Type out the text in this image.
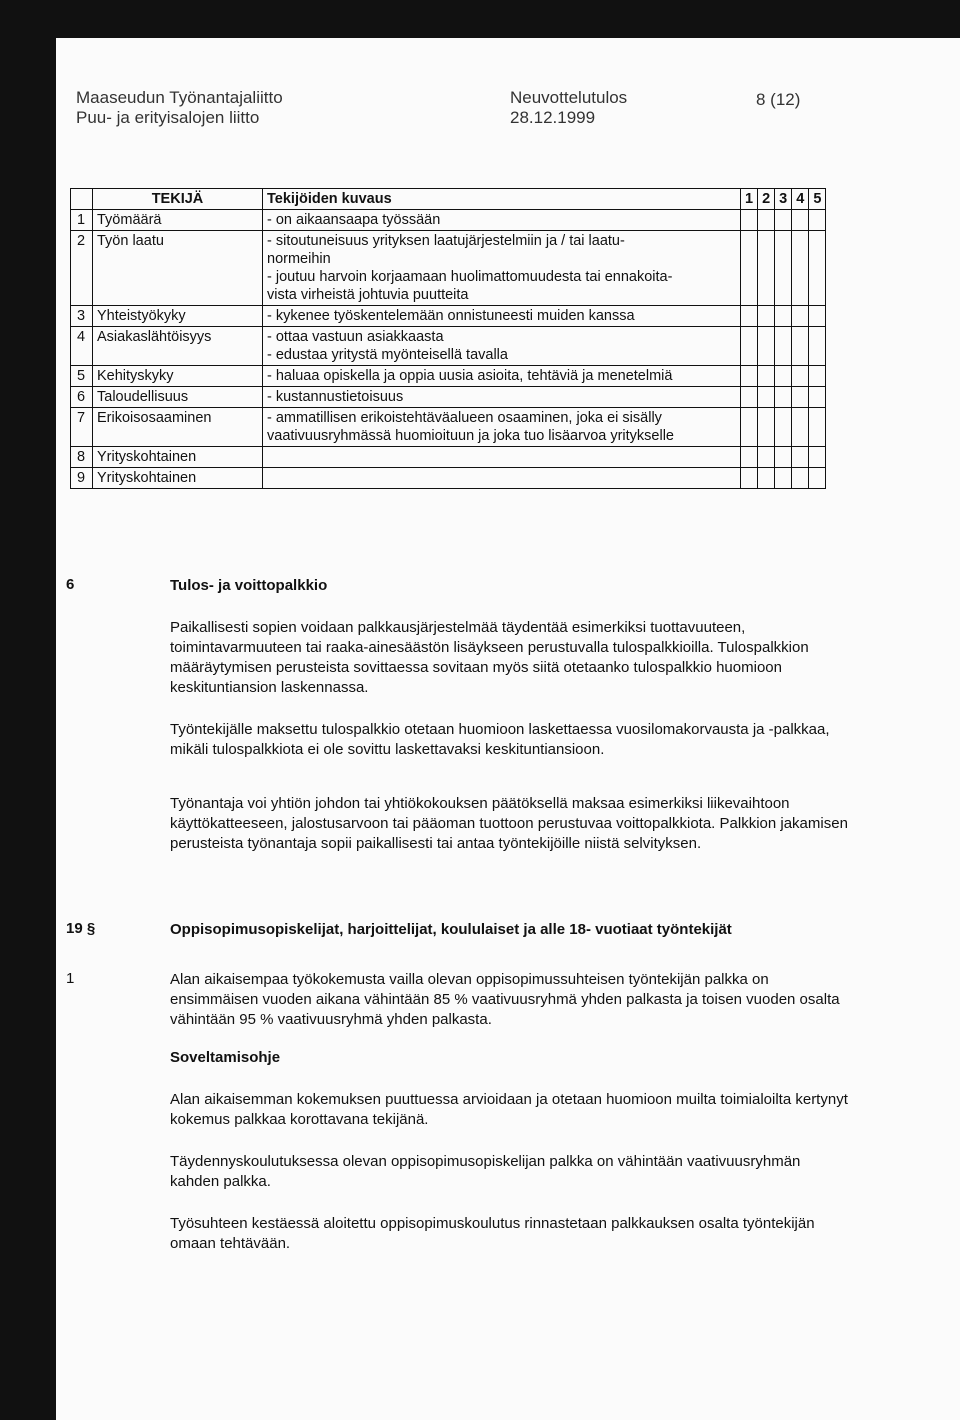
Maaseudun Työnantajaliitto
Puu- ja erityisalojen liitto
Neuvottelutulos
28.12.1999
8 (12)
	TEKIJÄ	Tekijöiden kuvaus	1	2	3	4	5
1	Työmäärä	- on aikaansaapa työssään					

2	Työn laatu	- sitoutuneisuus yrityksen laatujärjestelmiin ja / tai laatu-
normeihin
- joutuu harvoin korjaamaan huolimattomuudesta tai ennakoita-
vista virheistä johtuvia puutteita					

3	Yhteistyökyky	- kykenee työskentelemään onnistuneesti muiden kanssa					

4	Asiakaslähtöisyys	- ottaa vastuun asiakkaasta
- edustaa yritystä myönteisellä tavalla					

5	Kehityskyky	- haluaa opiskella ja oppia uusia asioita, tehtäviä ja menetelmiä					

6	Taloudellisuus	- kustannustietoisuus					

7	Erikoisosaaminen	- ammatillisen erikoistehtäväalueen osaaminen, joka ei sisälly
vaativuusryhmässä huomioituun ja joka tuo lisäarvoa yritykselle					

8	Yrityskohtainen	

9	Yrityskohtainen	

6	Tulos- ja voittopalkkio

Paikallisesti sopien voidaan palkkausjärjestelmää täydentää esimerkiksi tuottavuuteen, toimintavarmuuteen tai raaka-ainesäästön lisäykseen perustuvalla tulospalkkioilla. Tulospalkkion määräytymisen perusteista sovittaessa sovitaan myös siitä otetaanko tulospalkkio huomioon keskituntiansion laskennassa.

Työntekijälle maksettu tulospalkkio otetaan huomioon laskettaessa vuosilomakorvausta ja -palkkaa, mikäli tulospalkkiota ei ole sovittu laskettavaksi keskituntiansioon.

Työnantaja voi yhtiön johdon tai yhtiökokouksen päätöksellä maksaa esimerkiksi liikevaihtoon käyttökatteeseen, jalostusarvoon tai pääoman tuottoon perustuvaa voittopalkkiota. Palkkion jakamisen perusteista työnantaja sopii paikallisesti tai antaa työntekijöille niistä selvityksen.

19 §	Oppisopimusopiskelijat, harjoittelijat, koululaiset ja alle 18- vuotiaat työntekijät
1	Alan aikaisempaa työkokemusta vailla olevan oppisopimussuhteisen työntekijän palkka on ensimmäisen vuoden aikana vähintään 85 % vaativuusryhmä yhden palkasta ja toisen vuoden osalta vähintään 95 % vaativuusryhmä yhden palkasta.
Soveltamisohje

Alan aikaisemman kokemuksen puuttuessa arvioidaan ja otetaan huomioon muilta toimialoilta kertynyt kokemus palkkaa korottavana tekijänä.

Täydennyskoulutuksessa olevan oppisopimusopiskelijan palkka on vähintään vaativuusryhmän kahden palkka.

Työsuhteen kestäessä aloitettu oppisopimuskoulutus rinnastetaan palkkauksen osalta työntekijän omaan tehtävään.
